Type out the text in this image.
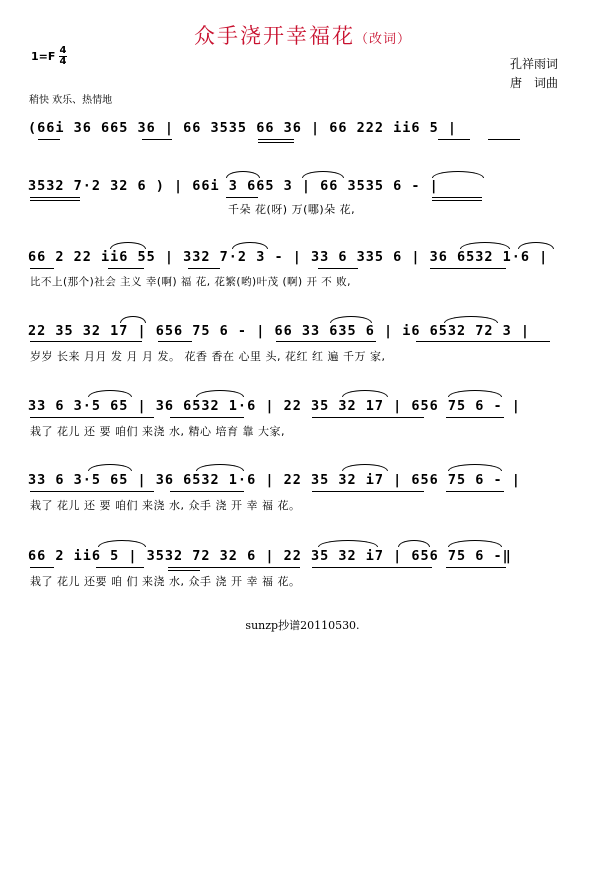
众手浇开幸福花（改词）
1=F 4
4	孔祥雨词
唐　词曲
稍快 欢乐、热情地
(66i 36 665 36 | 66 3535 66 36 | 66 222 ii6 5 |
3532 7·2 32 6 ) | 66i 3 665 3 | 66 3535 6 - |
千朵 花(呀) 万(哪)朵 花,
66 2 22 ii6 55 | 332 7·2 3 - | 33 6 335 6 | 36 6532 1·6 |
比不上(那个)社会 主义 幸(啊) 福 花, 花繁(哟)叶茂 (啊) 开 不 败,
22 35 32 17 | 656 75 6 - | 66 33 635 6 | i6 6532 72 3 |
岁岁 长来 月月 发 月 月 发。 花香 香在 心里 头, 花红 红 遍 千万 家,
33 6 3·5 65 | 36 6532 1·6 | 22 35 32 17 | 656 75 6 - |
栽了 花儿 还 要 咱们 来浇 水, 精心 培育 靠 大家,
33 6 3·5 65 | 36 6532 1·6 | 22 35 32 i7 | 656 75 6 - |
栽了 花儿 还 要 咱们 来浇 水, 众手 浇 开 幸 福 花。
66 2 ii6 5 | 3532 72 32 6 | 22 35 32 i7 | 656 75 6 -‖
栽了 花儿 还要 咱 们 来浇 水, 众手 浇 开 幸 福 花。
sunzp抄谱20110530.
